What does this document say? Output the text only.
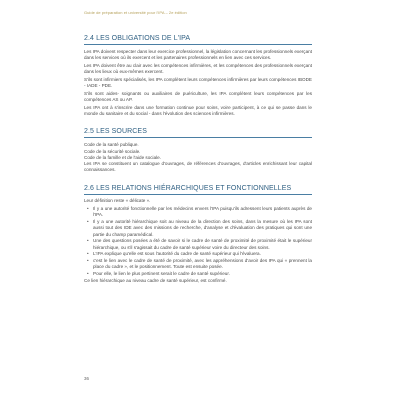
Guide de préparation et université pour l'IPA – 2e édition
2.4 LES OBLIGATIONS DE L'IPA

Les IPA doivent respecter dans leur exercice professionnel, la législation concernant les professionnels exerçant dans les services où ils exercent et les partenaires professionnels en lien avec ces services.

Les IPA doivent être au clair avec les compétences infirmières, et les compétences des professionnels exerçant dans les lieux où eux-mêmes exercent.

S'ils sont infirmiers spécialisés, les IPA complètent leurs compétences infirmières par leurs compétences IBODE - IADE - PDE.

S'ils sont aides- soignants ou auxiliaires de puériculture, les IPA complètent leurs compétences par les compétences AS ou AP.

Les IPA ont à s'inscrire dans une formation continue pour soins, voire participent, à ce qui se passe dans le monde du sanitaire et du social - dans l'évolution des sciences infirmières.

2.5 LES SOURCES

Code de la santé publique.

Code de la sécurité sociale.

Code de la famille et de l'aide sociale.

Les IPA se constituent un catalogue d'ouvrages, de références d'ouvrages, d'articles enrichissant leur capital connaissances.

2.6 LES RELATIONS HIÉRARCHIQUES ET FONCTIONNELLES

Leur définition reste « délicate ».

• Il y a une autorité fonctionnelle par les médecins envers l'IPA puisqu'ils adressent leurs patients auprès de l'IPA.
• Il y a une autorité hiérarchique soit au niveau de la direction des soins, dans la mesure où les IPA sont aussi tout des IDE avec des missions de recherche, d'analyse et d'évaluation des pratiques qui sont une partie du champ paramédical.
• Une des questions posées a été de savoir si le cadre de santé de proximité de proximité était le supérieur hiérarchique, ou s'il s'agissait du cadre de santé supérieur voire du directeur des soins.
• L'IPA explique qu'elle est sous l'autorité du cadre de santé supérieur qui l'évaluera.
• c'est le lien avec le cadre de santé de proximité, avec les appréhensions d'avoir des IPA qui « prennent la place du cadre », et le positionnement. Toute est ensuite posée.
• Pour elle, le lien le plus pertinent serait le cadre de santé supérieur.

Ce lien hiérarchique au niveau cadre de santé supérieur, est confirmé.

36
